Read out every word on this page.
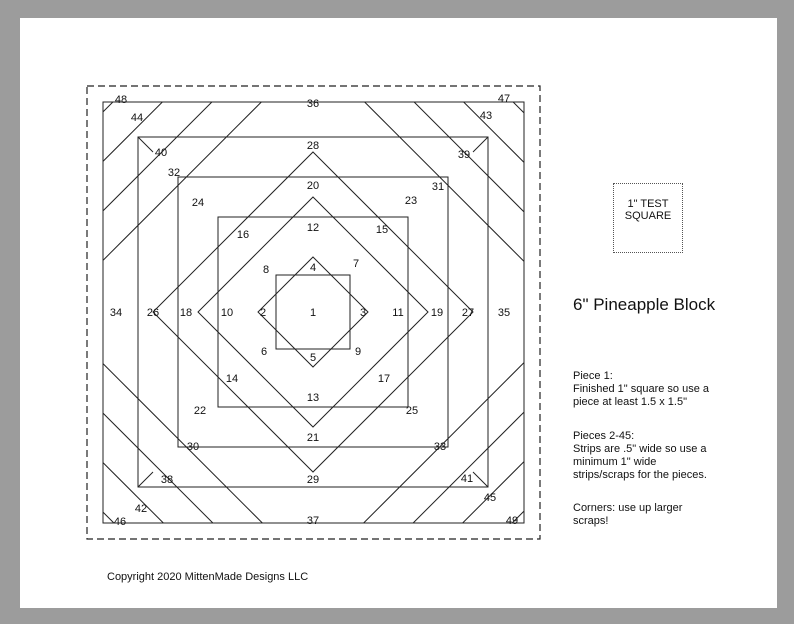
1
2	3
4
5
6
7
8
9
10	11
12
13
14
15
16
17
18	19
20
21
22
23
24
25
26	27
28
29
30
31
32
33
34	35
36
37
38
39
40
41
42
43
44
45
46
47
48
49
1" TEST
SQUARE
6" Pineapple Block
Piece 1:
Finished 1" square so use a
piece at least 1.5 x 1.5"
Pieces 2-45:
Strips are .5" wide so use a
minimum 1" wide
strips/scraps for the pieces.
Corners: use up larger
scraps!
Copyright 2020 MittenMade Designs LLC
